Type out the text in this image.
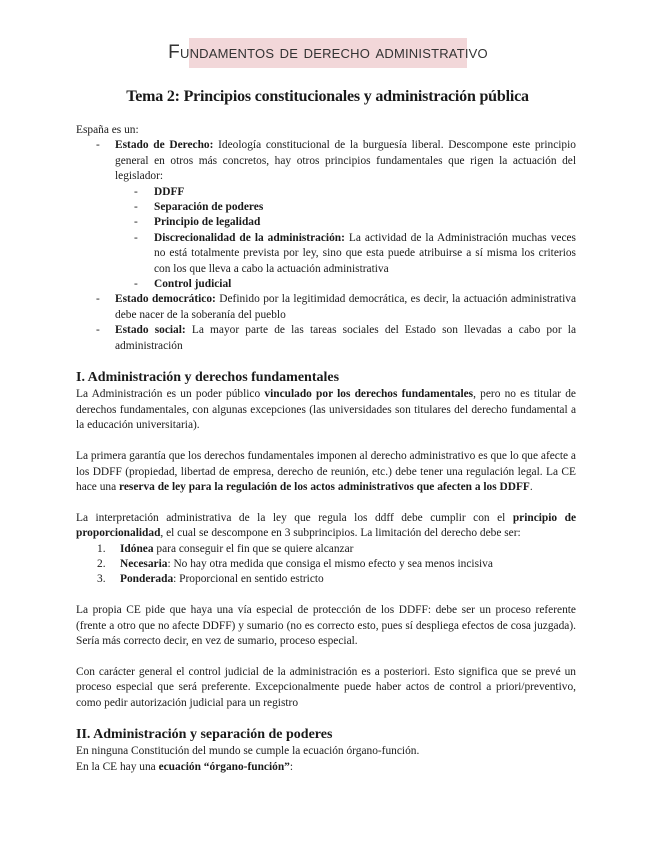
Fundamentos de derecho administrativo
Tema 2: Principios constitucionales y administración pública

España es un:

- Estado de Derecho: Ideología constitucional de la burguesía liberal. Descompone este principio general en otros más concretos, hay otros principios fundamentales que rigen la actuación del legislador:
- DDFF
- Separación de poderes
- Principio de legalidad
- Discrecionalidad de la administración: La actividad de la Administración muchas veces no está totalmente prevista por ley, sino que esta puede atribuirse a sí misma los criterios con los que lleva a cabo la actuación administrativa
- Control judicial
- Estado democrático: Definido por la legitimidad democrática, es decir, la actuación administrativa debe nacer de la soberanía del pueblo
- Estado social: La mayor parte de las tareas sociales del Estado son llevadas a cabo por la administración
I. Administración y derechos fundamentales

La Administración es un poder público vinculado por los derechos fundamentales, pero no es titular de derechos fundamentales, con algunas excepciones (las universidades son titulares del derecho fundamental a la educación universitaria).

La primera garantía que los derechos fundamentales imponen al derecho administrativo es que lo que afecte a los DDFF (propiedad, libertad de empresa, derecho de reunión, etc.) debe tener una regulación legal. La CE hace una reserva de ley para la regulación de los actos administrativos que afecten a los DDFF.

La interpretación administrativa de la ley que regula los ddff debe cumplir con el principio de proporcionalidad, el cual se descompone en 3 subprincipios. La limitación del derecho debe ser:

1. Idónea para conseguir el fin que se quiere alcanzar
2. Necesaria: No hay otra medida que consiga el mismo efecto y sea menos incisiva
3. Ponderada: Proporcional en sentido estricto

La propia CE pide que haya una vía especial de protección de los DDFF: debe ser un proceso referente (frente a otro que no afecte DDFF) y sumario (no es correcto esto, pues sí despliega efectos de cosa juzgada). Sería más correcto decir, en vez de sumario, proceso especial.

Con carácter general el control judicial de la administración es a posteriori. Esto significa que se prevé un proceso especial que será preferente. Excepcionalmente puede haber actos de control a priori/preventivo, como pedir autorización judicial para un registro

II. Administración y separación de poderes

En ninguna Constitución del mundo se cumple la ecuación órgano-función.

En la CE hay una ecuación “órgano-función”:
